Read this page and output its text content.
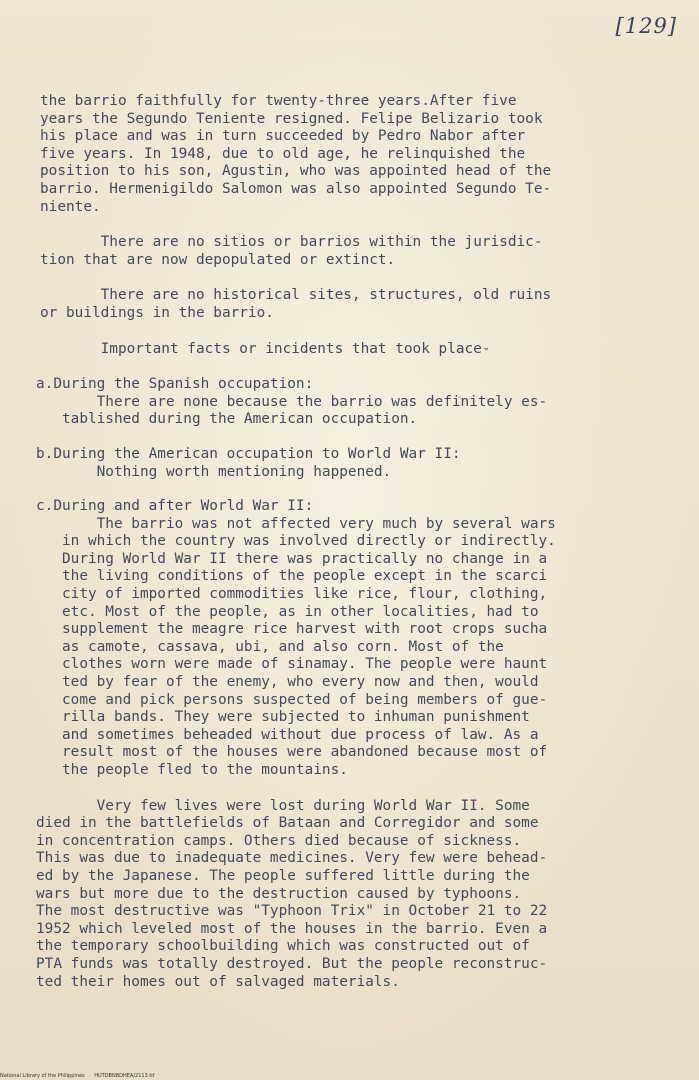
[129]

the barrio faithfully for twenty-three years.After five
years the Segundo Teniente resigned. Felipe Belizario took
his place and was in turn succeeded by Pedro Nabor after
five years. In 1948, due to old age, he relinquished the
position to his son, Agustin, who was appointed head of the
barrio. Hermenigildo Salomon was also appointed Segundo Te-
niente.

There are no sitios or barrios within the jurisdic-
tion that are now depopulated or extinct.

There are no historical sites, structures, old ruins
or buildings in the barrio.

Important facts or incidents that took place-

a.During the Spanish occupation:
There are none because the barrio was definitely es-
tablished during the American occupation.

b.During the American occupation to World War II:
Nothing worth mentioning happened.

c.During and after World War II:
The barrio was not affected very much by several wars
in which the country was involved directly or indirectly.
During World War II there was practically no change in a
the living conditions of the people except in the scarci
city of imported commodities like rice, flour, clothing,
etc. Most of the people, as in other localities, had to
supplement the meagre rice harvest with root crops sucha
as camote, cassava, ubi, and also corn. Most of the
clothes worn were made of sinamay. The people were haunt
ted by fear of the enemy, who every now and then, would
come and pick persons suspected of being members of gue-
rilla bands. They were subjected to inhuman punishment
and sometimes beheaded without due process of law. As a
result most of the houses were abandoned because most of
the people fled to the mountains.

Very few lives were lost during World War II. Some
died in the battlefields of Bataan and Corregidor and some
in concentration camps. Others died because of sickness.
This was due to inadequate medicines. Very few were behead-
ed by the Japanese. The people suffered little during the
wars but more due to the destruction caused by typhoons.
The most destructive was "Typhoon Trix" in October 21 to 22
1952 which leveled most of the houses in the barrio. Even a
the temporary schoolbuilding which was constructed out of
PTA funds was totally destroyed. But the people reconstruc-
ted their homes out of salvaged materials.

National Library of the Philippines HUTDBNBDHEA/2113.tif
